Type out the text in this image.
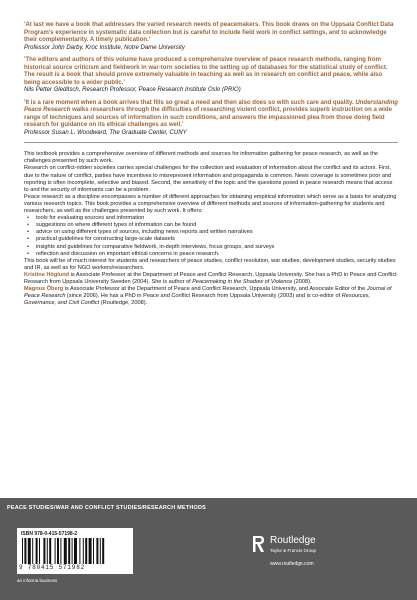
'At last we have a book that addresses the varied research needs of peacemakers. This book draws on the Uppsala Conflict Data Program's experience in systematic data collection but is careful to include field work in conflict settings, and to acknowledge their complementarity. A timely publication.'

Professor John Darby, Kroc Institute, Notre Dame University

'The editors and authors of this volume have produced a comprehensive overview of peace research methods, ranging from historical source criticism and fieldwork in war-torn societies to the setting up of databases for the statistical study of conflict. The result is a book that should prove extremely valuable in teaching as well as in research on conflict and peace, while also being accessible to a wider public.'

Nils Petter Gleditsch, Research Professor, Peace Research Institute Oslo (PRIO)

'It is a rare moment when a book arrives that fills so great a need and then also does so with such care and quality. Understanding Peace Research walks researchers through the difficulties of researching violent conflict, provides superb instruction on a wide range of techniques and sources of information in such conditions, and answers the impassioned plea from those doing field research for guidance on its ethical challenges as well.'

Professor Susan L. Woodward, The Graduate Center, CUNY

This textbook provides a comprehensive overview of different methods and sources for information gathering for peace research, as well as the challenges presented by such work.

Research on conflict-ridden societies carries special challenges for the collection and evaluation of information about the conflict and its actors. First, due to the nature of conflict, parties have incentives to misrepresent information and propaganda is common. News coverage is sometimes poor and reporting is often incomplete, selective and biased. Second, the sensitivity of the topic and the questions posed in peace research means that access to and the security of informants can be a problem.

Peace research as a discipline encompasses a number of different approaches for obtaining empirical information which serve as a basis for analyzing various research topics. This book provides a comprehensive overview of different methods and sources of information-gathering for students and researchers, as well as the challenges presented by such work. It offers:

• tools for evaluating sources and information
• suggestions on where different types of information can be found
• advice on using different types of sources, including news reports and written narratives
• practical guidelines for constructing large-scale datasets
• insights and guidelines for comparative fieldwork, in-depth interviews, focus groups, and surveys
• reflection and discussion on important ethical concerns in peace research.

This book will be of much interest for students and researchers of peace studies, conflict resolution, war studies, development studies, security studies and IR, as well as for NGO workers/researchers.

Kristine Höglund is Associate Professor at the Department of Peace and Conflict Research, Uppsala University. She has a PhD in Peace and Conflict Research from Uppsala University Sweden (2004). She is author of Peacemaking in the Shadow of Violence (2008).

Magnus Öberg is Associate Professor at the Department of Peace and Conflict Research, Uppsala University, and Associate Editor of the Journal of Peace Research (since 2006). He has a PhD in Peace and Conflict Research from Uppsala University (2003) and is co-editor of Resources, Governance, and Civil Conflict (Routledge, 2008).

PEACE STUDIES/WAR AND CONFLICT STUDIES/RESEARCH METHODS
ISBN 978-0-415-57198-2
9 780415 571982
an informa business
Routledge
Taylor & Francis Group
www.routledge.com
